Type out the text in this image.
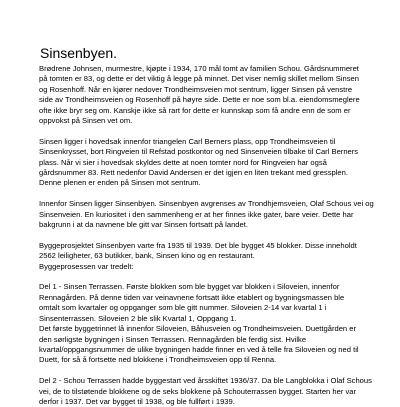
Sinsenbyen.

Brødrene Johnsen, murmestre, kjøpte i 1934, 170 mål tomt av familien Schou. Gårdsnummeret
på tomten er 83, og dette er det viktig å legge på minnet. Det viser nemlig skillet mellom Sinsen
og Rosenhoff. Når en kjører nedover Trondheimsveien mot sentrum, ligger Sinsen på venstre
side av Trondheimsveien og Rosenhoff på høyre side. Dette er noe som bl.a. eiendomsmeglere
ofte ikke bryr seg om. Kanskje ikke så rart for dette er kunnskap som få andre enn de som er
oppvokst på Sinsen vet om.

Sinsen ligger i hovedsak innenfor triangelen Carl Berners plass, opp Trondheimsveien til
Sinsenkrysset, bort Ringveien til Refstad postkontor og ned Sinsenveien tilbake til Carl Berners
plass. Når vi sier i hovedsak skyldes dette at noen tomter nord for Ringveien har også
gårdsnummer 83. Rett nedenfor David Andersen er det igjen en liten trekant med gressplen.
Denne plenen er enden på Sinsen mot sentrum.

Innenfor Sinsen ligger Sinsenbyen. Sinsenbyen avgrenses av Trondhjemsveien, Olaf Schous vei og
Sinsenveien. En kuriositet i den sammenheng er at her finnes ikke gater, bare veier. Dette har
bakgrunn i at da navnene ble gitt var Sinsen fortsatt på landet.

Byggeprosjektet Sinsenbyen varte fra 1935 til 1939. Det ble bygget 45 blokker. Disse inneholdt
2562 leiligheter, 63 butikker, bank, Sinsen kino og en restaurant.
Byggeprosessen var tredelt:

Del 1 - Sinsen Terrassen. Første blokken som ble bygget var blokken i Siloveien, innenfor
Rennagården. På denne tiden var veinavnene fortsatt ikke etablert og bygningsmassen ble
omtalt som kvartaler og oppganger som ble gitt nummer. Siloveien 2-14 var kvartal 1 i
Sinsenterrassen. Siloveien 2 ble slik Kvartal 1, Oppgang 1.
Det første byggetrinnet lå innenfor Siloveien, Båhusveien og Trondheimsveien. Duettgården er
den sørligste bygningen i Sinsen Terrassen. Rennagården ble ferdig sist. Hvilke
kvartal/oppgangsnummer de ulike bygningen hadde finner en ved å telle fra Siloveien og ned til
Duett, for så å fortsette ned blokkene i Trondheimsveien opp til Renna.

Del 2 - Schou Terrassen hadde byggestart ved årsskiftet 1936/37. Da ble Langblokka i Olaf Schous
vei, de to tilstøtende blokkene og de seks blokkene på Schouterrassen bygget. Starten her var
derfor i 1937. Det var bygget til 1938, og ble fullført i 1939.
